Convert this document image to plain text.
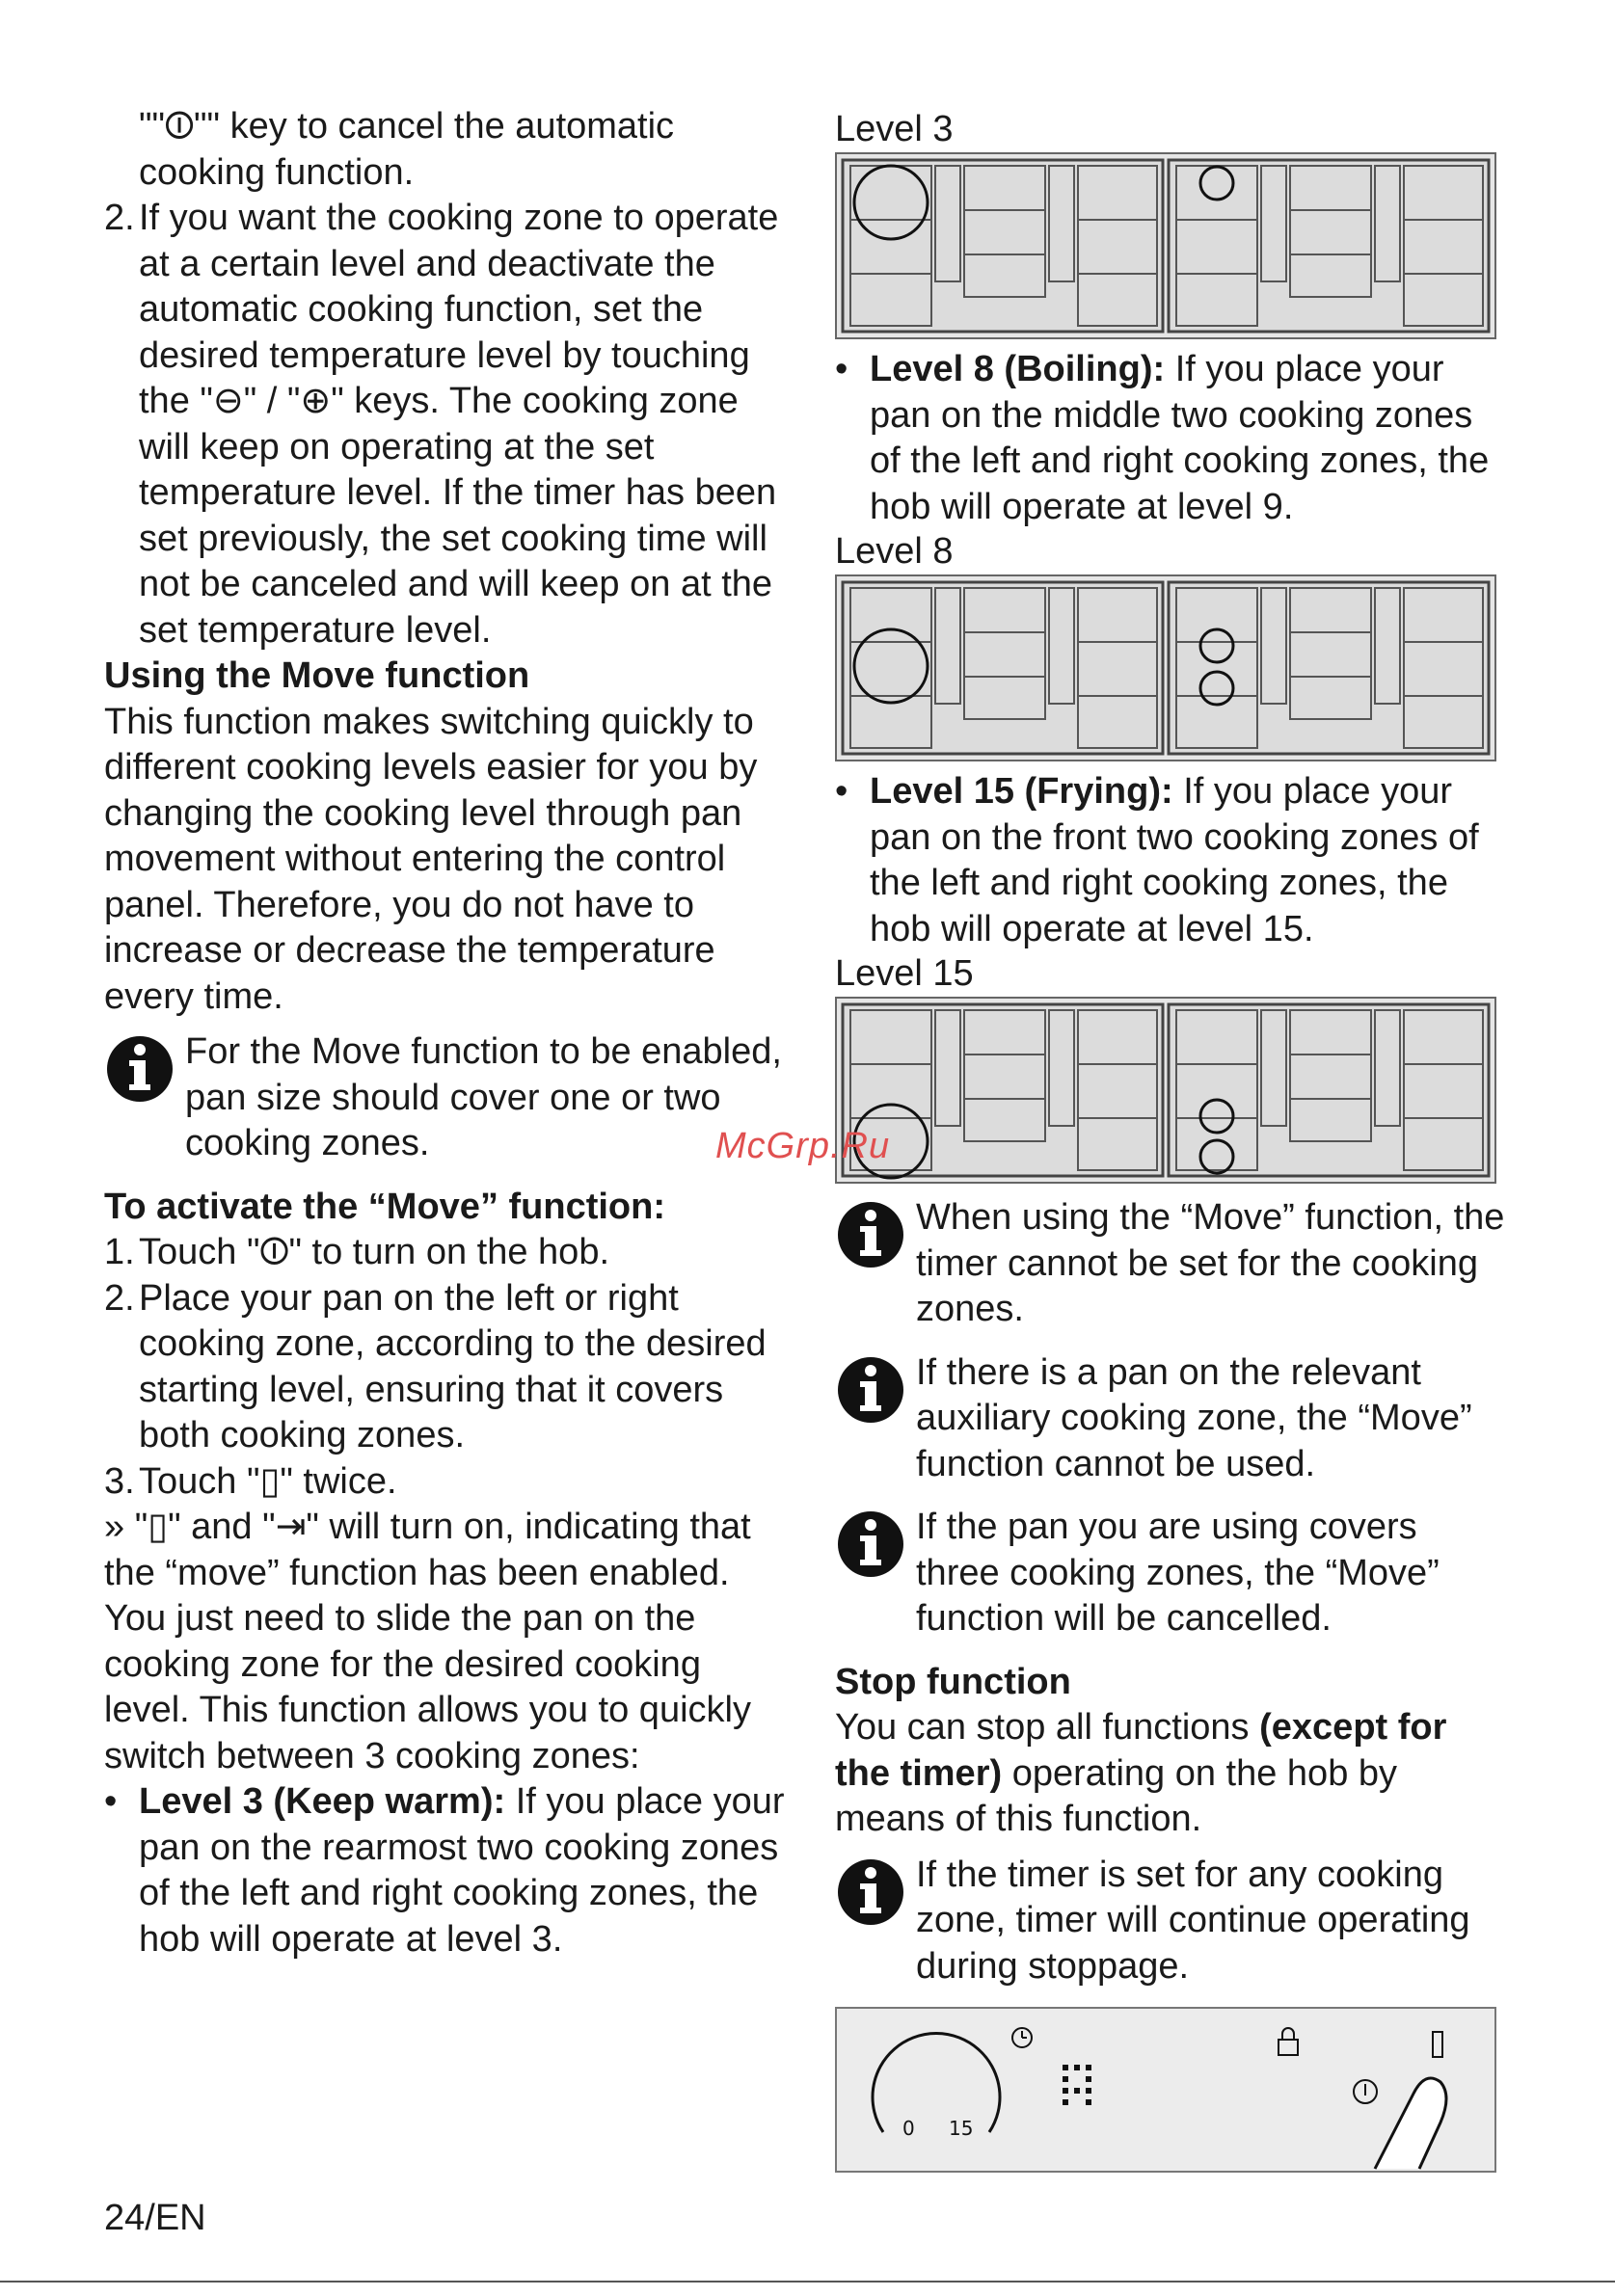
""⏼"" key to cancel the automatic cooking function.

2. If you want the cooking zone to operate at a certain level and deactivate the automatic cooking function, set the desired temperature level by touching the "⊖" / "⊕" keys. The cooking zone will keep on operating at the set temperature level. If the timer has been set previously, the set cooking time will not be canceled and will keep on at the set temperature level.

Using the Move function

This function makes switching quickly to different cooking levels easier for you by changing the cooking level through pan movement without entering the control panel. Therefore, you do not have to increase or decrease the temperature every time.

For the Move function to be enabled, pan size should cover one or two cooking zones.

To activate the “Move” function:

1. Touch "⏼" to turn on the hob.
2. Place your pan on the left or right cooking zone, according to the desired starting level, ensuring that it covers both cooking zones.
3. Touch "▯" twice.

» "▯" and "⇥" will turn on, indicating that the “move” function has been enabled. You just need to slide the pan on the cooking zone for the desired cooking level. This function allows you to quickly switch between 3 cooking zones:

• Level 3 (Keep warm): If you place your pan on the rearmost two cooking zones of the left and right cooking zones, the hob will operate at level 3.

Level 3

• Level 8 (Boiling): If you place your pan on the middle two cooking zones of the left and right cooking zones, the hob will operate at level 9.

Level 8

• Level 15 (Frying): If you place your pan on the front two cooking zones of the left and right cooking zones, the hob will operate at level 15.

Level 15

When using the “Move” function, the timer cannot be set for the cooking zones.
If there is a pan on the relevant auxiliary cooking zone, the “Move” function cannot be used.
If the pan you are using covers three cooking zones, the “Move” function will be cancelled.

Stop function

You can stop all functions (except for the timer) operating on the hob by means of this function.

If the timer is set for any cooking zone, timer will continue operating during stoppage.
0 15
McGrp.Ru
24/EN
